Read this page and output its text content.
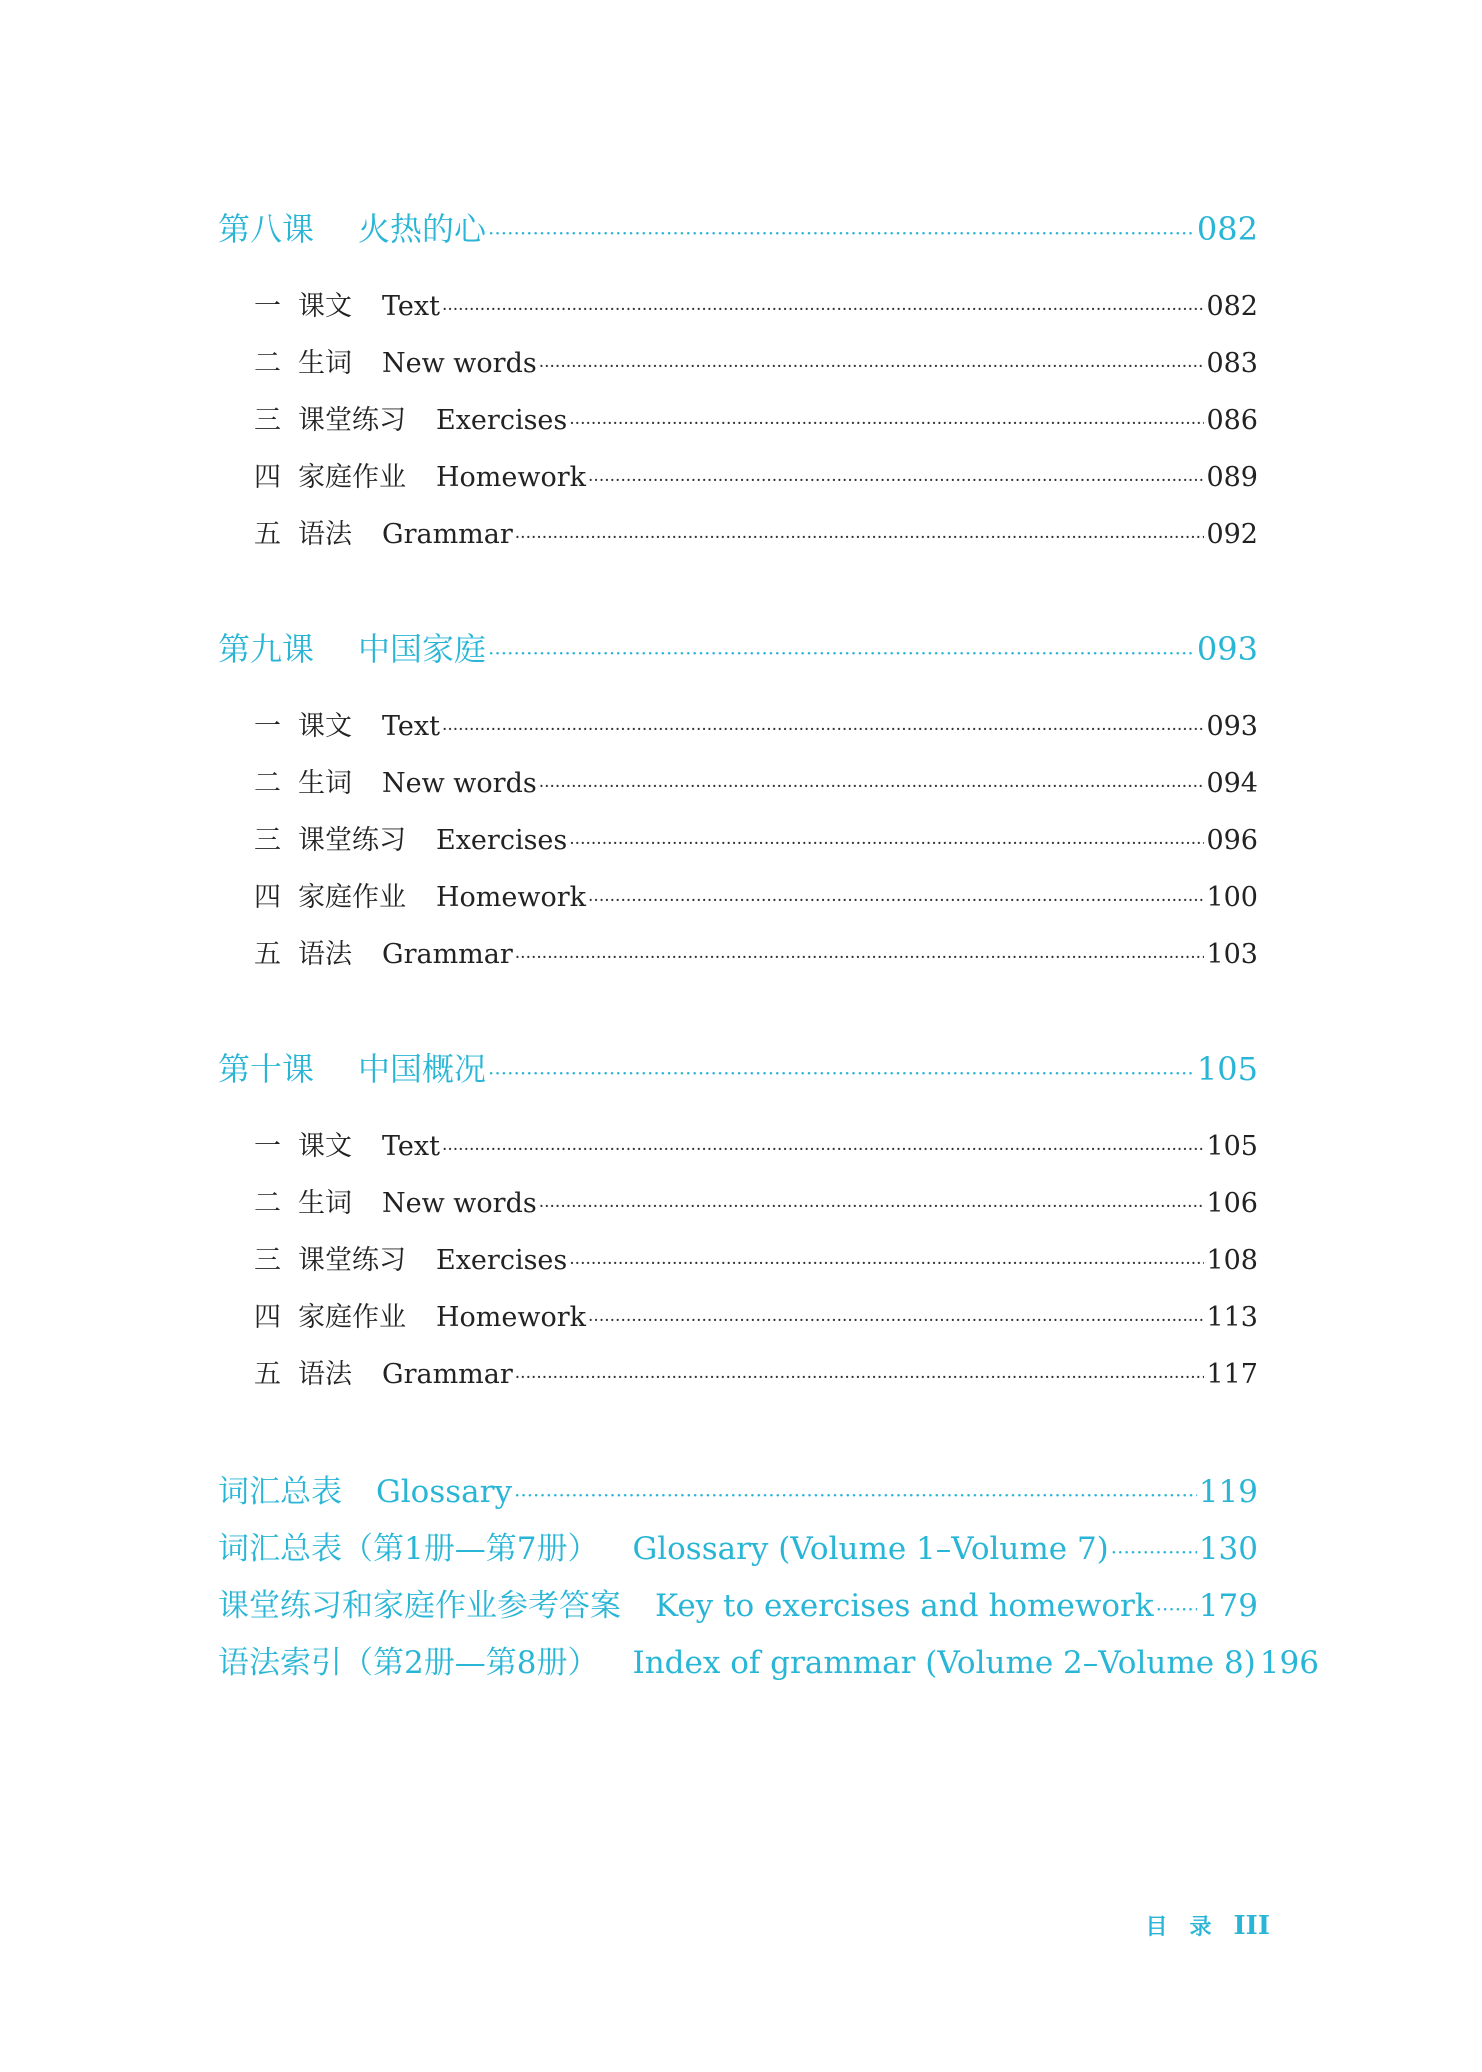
第八课 火热的心 ·····	082
一 课文 Text ·····	082
二 生词 New words ·····	083
三 课堂练习 Exercises ·····	086
四 家庭作业 Homework ·····	089
五 语法 Grammar ·····	092
第九课 中国家庭 ·····	093
一 课文 Text ·····	093
二 生词 New words ·····	094
三 课堂练习 Exercises ·····	096
四 家庭作业 Homework ·····	100
五 语法 Grammar ·····	103
第十课 中国概况 ·····	105
一 课文 Text ·····	105
二 生词 New words ·····	106
三 课堂练习 Exercises ·····	108
四 家庭作业 Homework ·····	113
五 语法 Grammar ·····	117
词汇总表 Glossary ·····	119
词汇总表（第1册—第7册） Glossary (Volume 1–Volume 7) ·····	130
课堂练习和家庭作业参考答案 Key to exercises and homework ····· 179
语法索引（第2册—第8册） Index of grammar (Volume 2–Volume 8) 196
目 录 III
